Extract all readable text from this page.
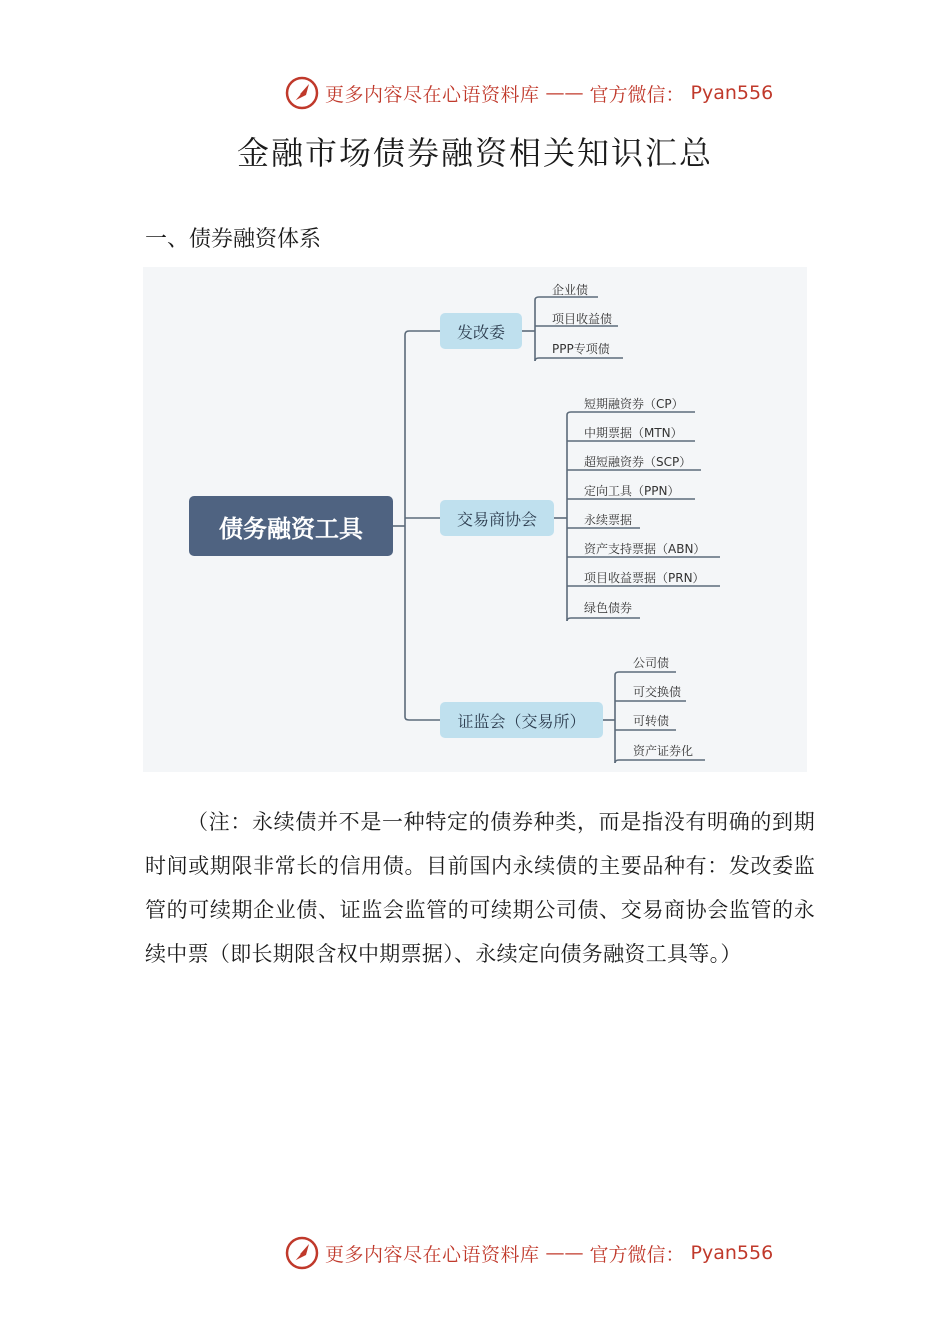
更多内容尽在心语资料库 —— 官方微信： Pyan556
金融市场债券融资相关知识汇总
一、债券融资体系
债务融资工具
发改委
交易商协会
证监会（交易所）
企业债
项目收益债
PPP专项债
短期融资券（CP）
中期票据（MTN）
超短融资券（SCP）
定向工具（PPN）
永续票据
资产支持票据（ABN）
项目收益票据（PRN）
绿色债券
公司债
可交换债
可转债
资产证券化

（注：永续债并不是一种特定的债券种类，而是指没有明确的到期时间或期限非常长的信用债。目前国内永续债的主要品种有：发改委监管的可续期企业债、证监会监管的可续期公司债、交易商协会监管的永续中票（即长期限含权中期票据）、永续定向债务融资工具等。）

更多内容尽在心语资料库 —— 官方微信： Pyan556
